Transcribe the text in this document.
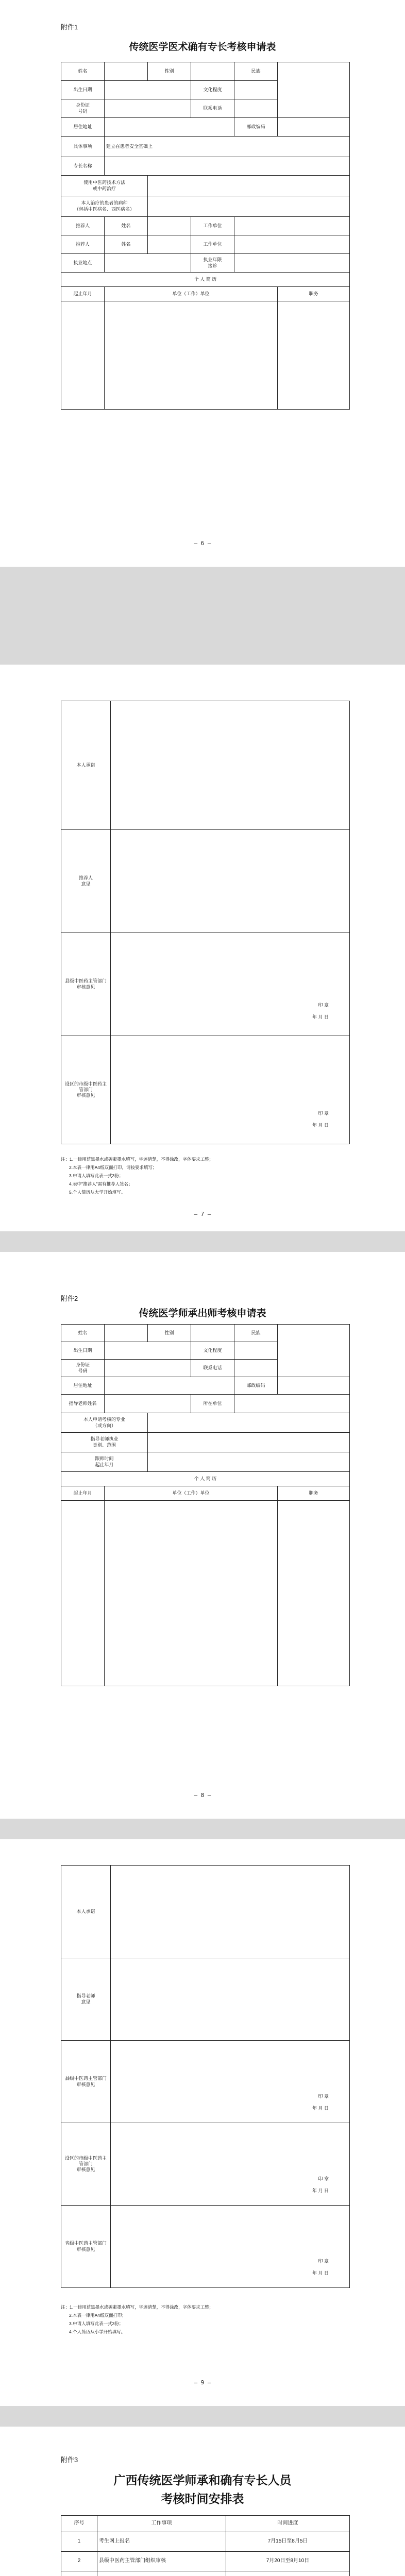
附件1
传统医学医术确有专长考核申请表
姓名		性别		民族	
出生日期			文化程度		
身份证
号码			联系电话		
居住地址				邮政编码	
具体事项	建立在患者安全基础上				
专长名称					
使用中医药技术方法
或中药治疗					
本人治疗的患者的病种
（包括中医病名、西医病名）					
推荐人	姓名		工作单位		
推荐人	姓名		工作单位		
执业地点			执业年限
接诊		
个 人 简 历					
起止年月	单位（工作）单位				职务

— 6 —
本人承诺	
推荐人
意见	
县级中医药主管部门
审核意见	印 章

年 月 日
设区的市级中医药主管部门
审核意见	印 章

年 月 日
注：1.一律用蓝黑墨水或碳素墨水填写，字迹清楚，不得涂改，字体要求工整；
2.本表一律用A4纸双面打印，请按要求填写；
3.申请人填写此表一式3份；
4.表中"推荐人"需有推荐人签名；
5.个人简历从大学开始填写。
— 7 —
附件2
传统医学师承出师考核申请表
姓名		性别		民族	
出生日期			文化程度		
身份证
号码			联系电话		
居住地址				邮政编码	
指导老师姓名			所在单位		
本人申请考核的专业
（或方向）					
指导老师执业
类别、范围					
跟师时间
起止年月					
个 人 简 历					
起止年月	单位（工作）单位				职务

— 8 —
本人承诺	
指导老师
意见	
县级中医药主管部门
审核意见	印 章

年 月 日
设区的市级中医药主管部门
审核意见	印 章

年 月 日
省级中医药主管部门
审核意见	印 章

年 月 日
注：1.一律用蓝黑墨水或碳素墨水填写，字迹清楚，不得涂改，字体要求工整；
2.本表一律用A4纸双面打印；
3.申请人填写此表一式3份；
4.个人简历从小学开始填写。
— 9 —
附件3
广西传统医学师承和确有专长人员
考核时间安排表
序号	工作事项	时间进度
1	考生网上报名	7月15日至8月5日
2	县级中医药主管部门组织审核	7月20日至8月10日
